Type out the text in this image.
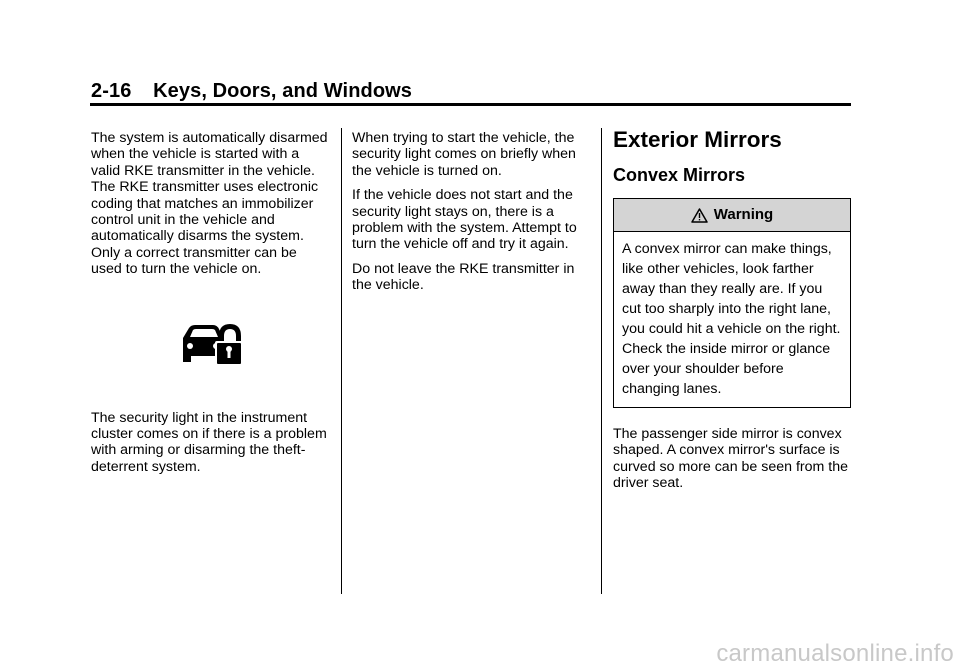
2-16 Keys, Doors, and Windows

The system is automatically disarmed when the vehicle is started with a valid RKE transmitter in the vehicle. The RKE transmitter uses electronic coding that matches an immobilizer control unit in the vehicle and automatically disarms the system. Only a correct transmitter can be used to turn the vehicle on.

The security light in the instrument cluster comes on if there is a problem with arming or disarming the theft-deterrent system.

When trying to start the vehicle, the security light comes on briefly when the vehicle is turned on.

If the vehicle does not start and the security light stays on, there is a problem with the system. Attempt to turn the vehicle off and try it again.

Do not leave the RKE transmitter in the vehicle.

Exterior Mirrors
Convex Mirrors
Warning
A convex mirror can make things, like other vehicles, look farther away than they really are. If you cut too sharply into the right lane, you could hit a vehicle on the right. Check the inside mirror or glance over your shoulder before changing lanes.

The passenger side mirror is convex shaped. A convex mirror's surface is curved so more can be seen from the driver seat.

carmanualsonline.info
